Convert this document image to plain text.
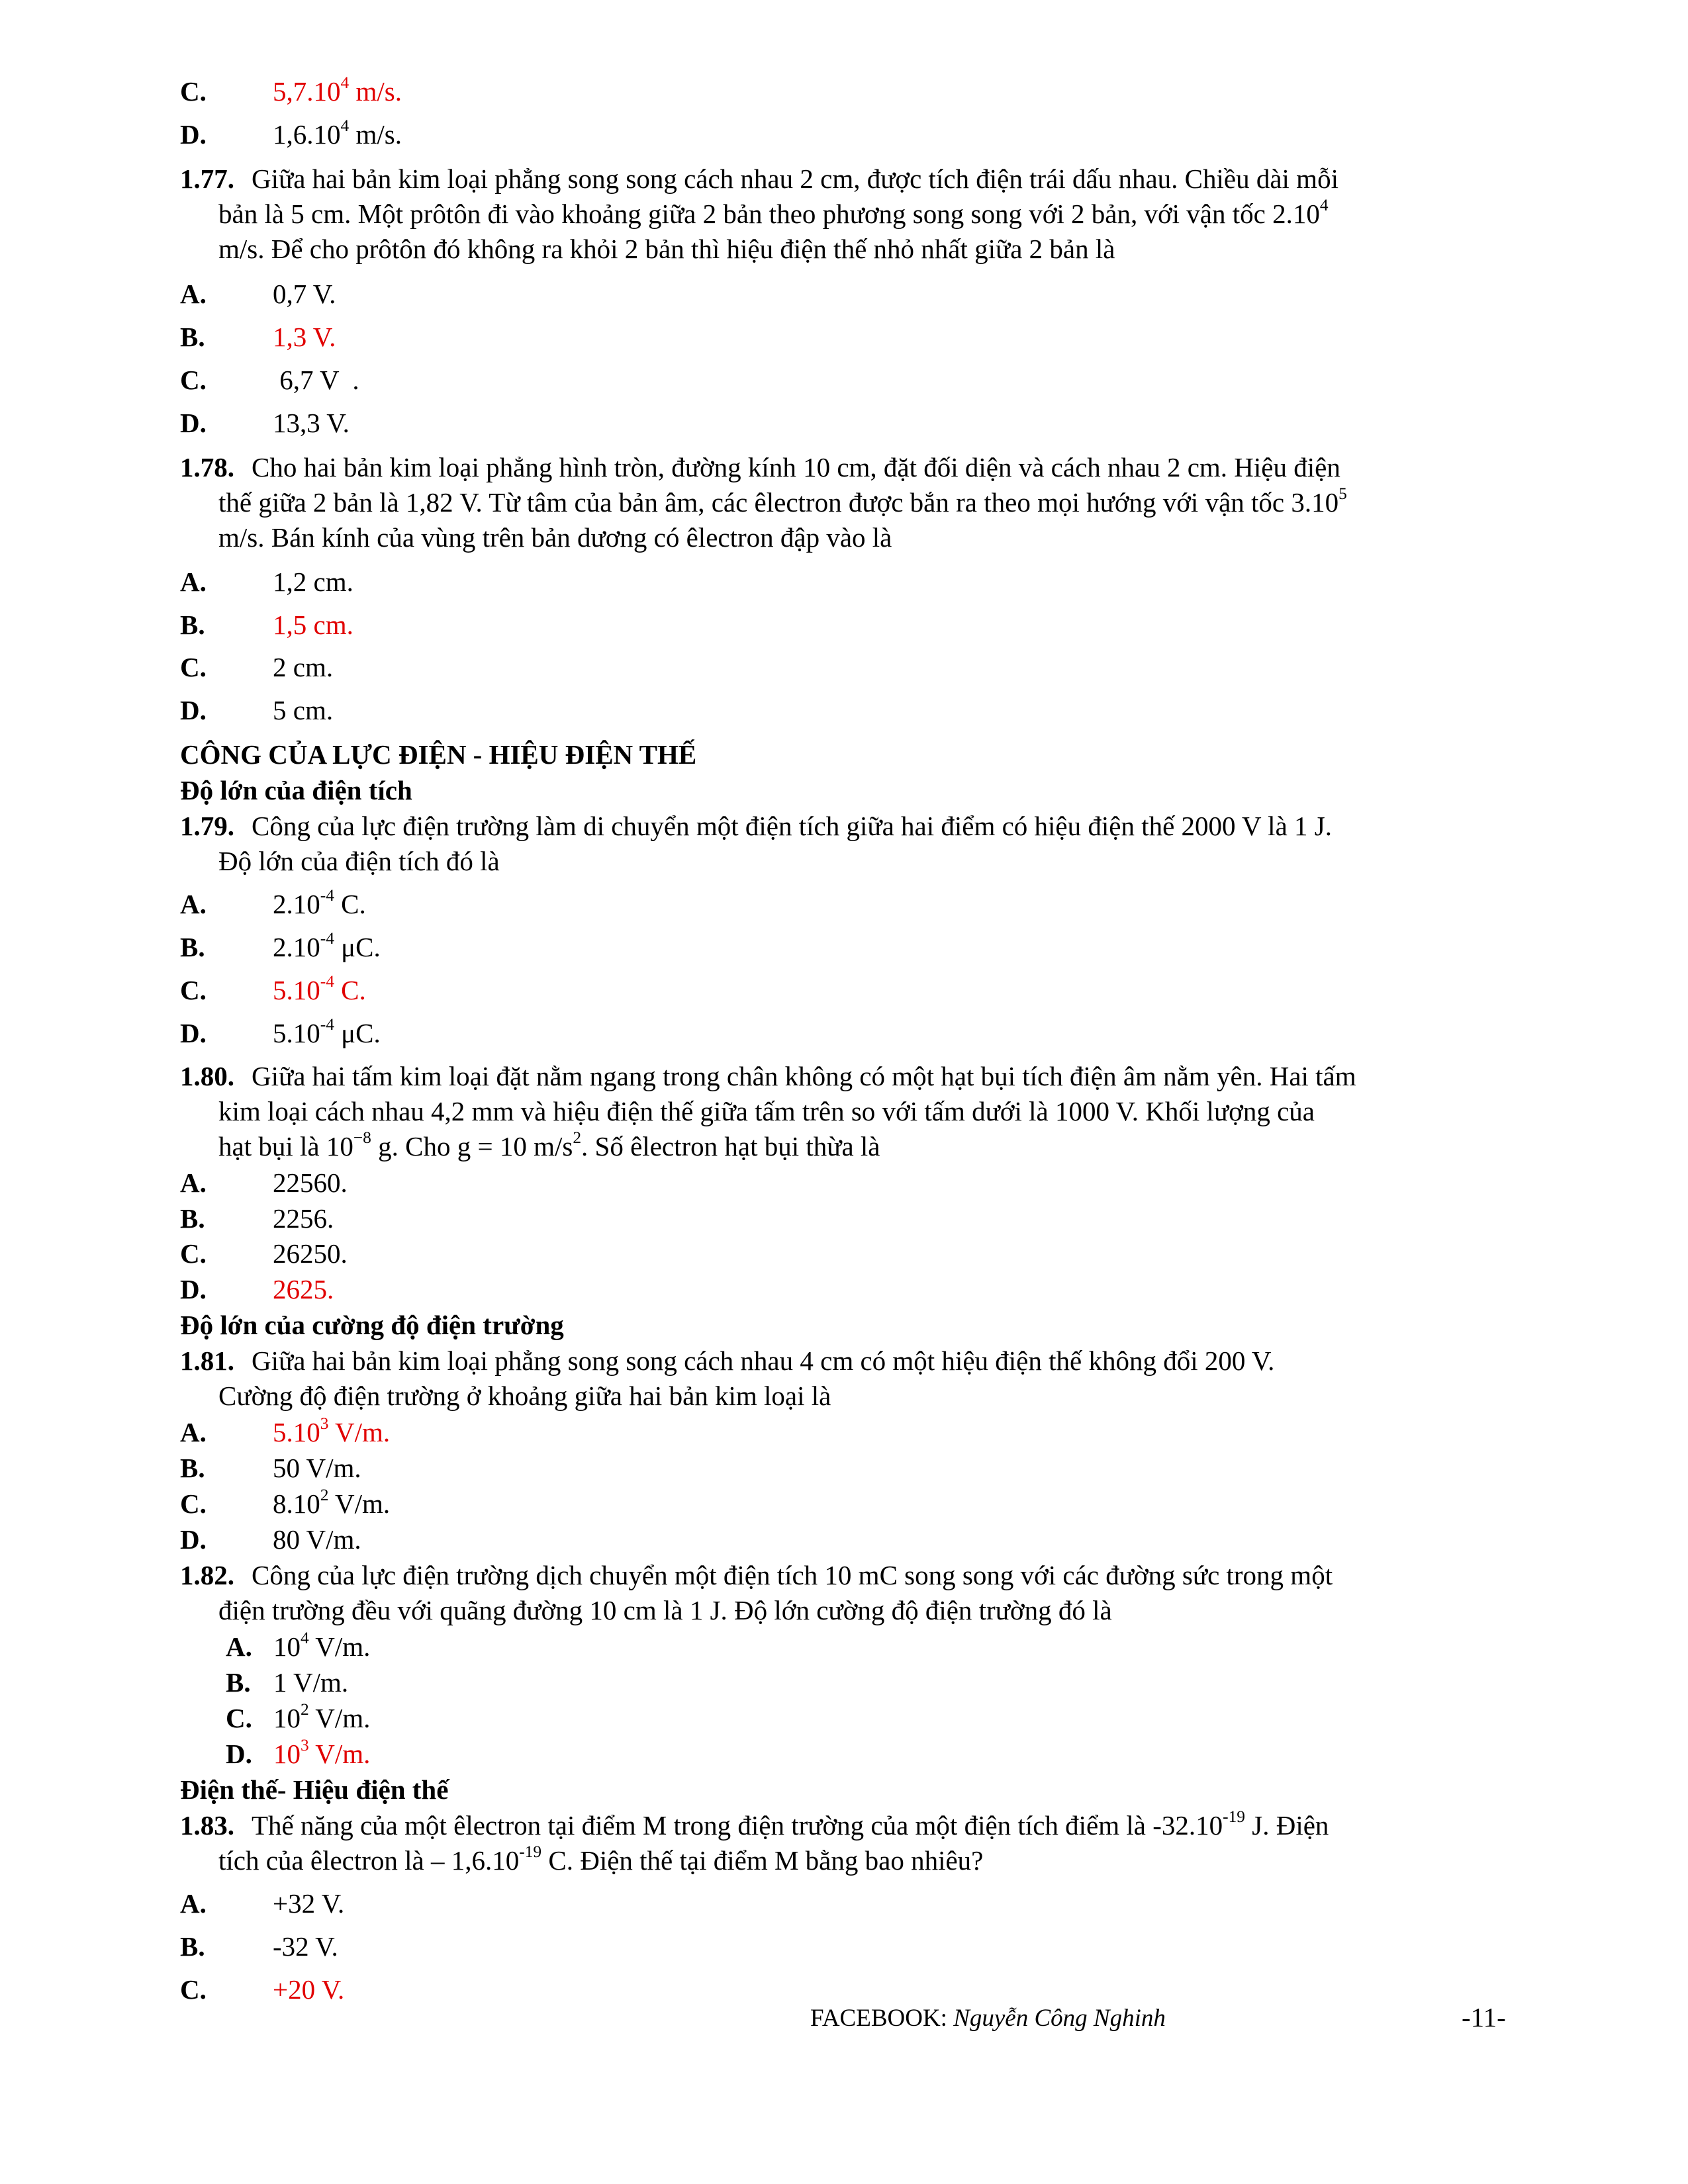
C. 5,7.10$^4$ m/s.
D. 1,6.10$^4$ m/s.

1.77. Giữa hai bản kim loại phẳng song song cách nhau 2 cm, được tích điện trái dấu nhau. Chiều dài mỗi

bản là 5 cm. Một prôtôn đi vào khoảng giữa 2 bản theo phương song song với 2 bản, với vận tốc 2.10$^4$

m/s. Để cho prôtôn đó không ra khỏi 2 bản thì hiệu điện thế nhỏ nhất giữa 2 bản là

A. 0,7 V.
B. 1,3 V.
C. 6,7 V  .
D. 13,3 V.

1.78. Cho hai bản kim loại phẳng hình tròn, đường kính 10 cm, đặt đối diện và cách nhau 2 cm. Hiệu điện

thế giữa 2 bản là 1,82 V. Từ tâm của bản âm, các êlectron được bắn ra theo mọi hướng với vận tốc 3.10$^5$

m/s. Bán kính của vùng trên bản dương có êlectron đập vào là

A. 1,2 cm.
B. 1,5 cm.
C. 2 cm.
D. 5 cm.
CÔNG CỦA LỰC ĐIỆN - HIỆU ĐIỆN THẾ
Độ lớn của điện tích

1.79. Công của lực điện trường làm di chuyển một điện tích giữa hai điểm có hiệu điện thế 2000 V là 1 J.

Độ lớn của điện tích đó là

A. $2.10^{-4}$ C.
B. $2.10^{-4}$ μC.
C. $5.10^{-4}$ C.
D. $5.10^{-4}$ μC.

1.80. Giữa hai tấm kim loại đặt nằm ngang trong chân không có một hạt bụi tích điện âm nằm yên. Hai tấm

kim loại cách nhau 4,2 mm và hiệu điện thế giữa tấm trên so với tấm dưới là 1000 V. Khối lượng của

hạt bụi là $10^{-8}$ g. Cho g = 10 $m/s^2$. Số êlectron hạt bụi thừa là

A. 22560.
B. 2256.
C. 26250.
D. 2625.
Độ lớn của cường độ điện trường

1.81. Giữa hai bản kim loại phẳng song song cách nhau 4 cm có một hiệu điện thế không đổi 200 V.

Cường độ điện trường ở khoảng giữa hai bản kim loại là

A. 5.10$^3$ V/m.
B. 50 V/m.
C. 8.10$^2$ V/m.
D. 80 V/m.

1.82. Công của lực điện trường dịch chuyển một điện tích 10 mC song song với các đường sức trong một

điện trường đều với quãng đường 10 cm là 1 J. Độ lớn cường độ điện trường đó là

A. $10^4$ V/m.
B. 1 V/m.
C. $10^2$ V/m.
D. $10^3$ V/m.
Điện thế- Hiệu điện thế

1.83. Thế năng của một êlectron tại điểm M trong điện trường của một điện tích điểm là $-32.10^{-19}$ J. Điện

tích của êlectron là – $1,6.10^{-19}$ C. Điện thế tại điểm M bằng bao nhiêu?

A. +32 V.
B. -32 V.
C. +20 V.
FACEBOOK: Nguyễn Công Nghinh	-11-
